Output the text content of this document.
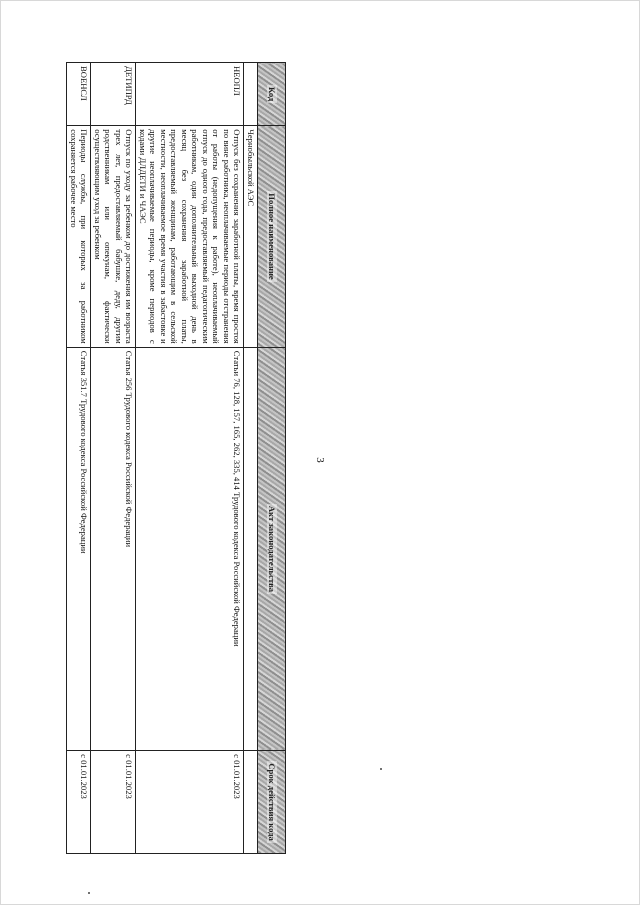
3
Код	Полное наименование	Акт законодательства	Срок действия кода
	Чернобыльской АЭС		
НЕОПЛ	Отпуск без сохранения заработной платы, время простоя по вине работника, неоплачиваемые периоды отстранения от работы (недопущения к работе), неоплачиваемый отпуск до одного года, предоставляемый педагогическим работникам, один дополнительный выходной день в месяц без сохранения заработной платы, предоставляемый женщинам, работающим в сельской местности, неоплачиваемое время участия в забастовке и другие неоплачиваемые периоды, кроме периодов с кодами ДЛДЕТИ и ЧАЭС	Статьи 76, 128, 157, 165, 262, 335, 414 Трудового кодекса Российской Федерации	с 01.01.2023
ДЕТИПРД	Отпуск по уходу за ребенком до достижения им возраста трех лет, предоставляемый бабушке, деду, другим родственникам или опекунам, фактически осуществляющим уход за ребенком	Статья 256 Трудового кодекса Российской Федерации	с 01.01.2023
ВОЕНСЛ	Периоды службы, при которых за работником сохраняется рабочее место	Статья 351.7 Трудового кодекса Российской Федерации	с 01.01.2023
